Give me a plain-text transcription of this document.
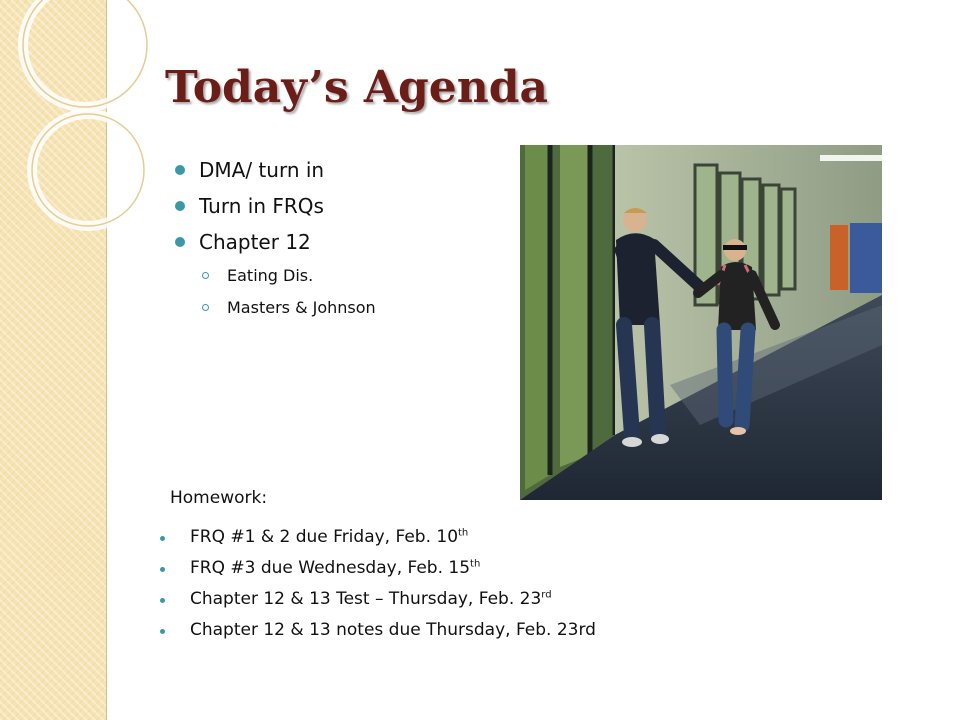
Today’s Agenda
DMA/ turn in
Turn in FRQs
Chapter 12
Eating Dis.
Masters & Johnson
Homework:
FRQ #1 & 2 due Friday, Feb. 10th
FRQ #3 due Wednesday, Feb. 15th
Chapter 12 & 13 Test – Thursday, Feb. 23rd
Chapter 12 & 13 notes due Thursday, Feb. 23rd
